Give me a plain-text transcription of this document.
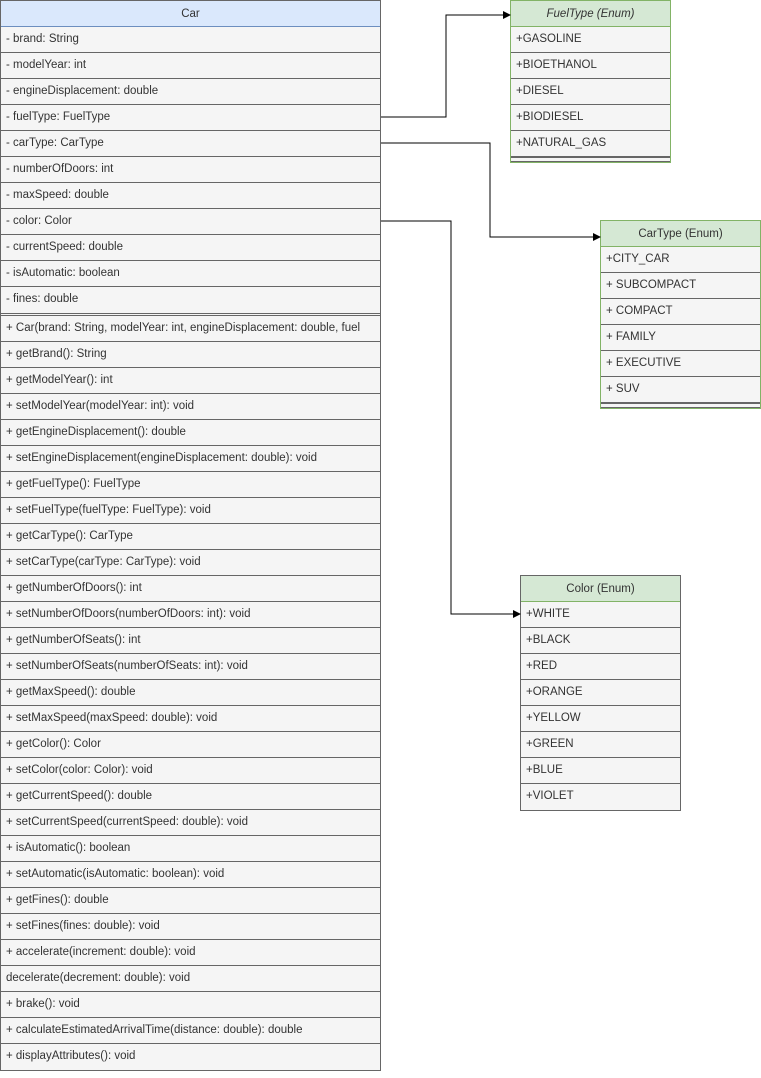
Car
- brand: String
- modelYear: int
- engineDisplacement: double
- fuelType: FuelType
- carType: CarType
- numberOfDoors: int
- maxSpeed: double
- color: Color
- currentSpeed: double
- isAutomatic: boolean
- fines: double
+ Car(brand: String, modelYear: int, engineDisplacement: double, fuel
+ getBrand(): String
+ getModelYear(): int
+ setModelYear(modelYear: int): void
+ getEngineDisplacement(): double
+ setEngineDisplacement(engineDisplacement: double): void
+ getFuelType(): FuelType
+ setFuelType(fuelType: FuelType): void
+ getCarType(): CarType
+ setCarType(carType: CarType): void
+ getNumberOfDoors(): int
+ setNumberOfDoors(numberOfDoors: int): void
+ getNumberOfSeats(): int
+ setNumberOfSeats(numberOfSeats: int): void
+ getMaxSpeed(): double
+ setMaxSpeed(maxSpeed: double): void
+ getColor(): Color
+ setColor(color: Color): void
+ getCurrentSpeed(): double
+ setCurrentSpeed(currentSpeed: double): void
+ isAutomatic(): boolean
+ setAutomatic(isAutomatic: boolean): void
+ getFines(): double
+ setFines(fines: double): void
+ accelerate(increment: double): void
decelerate(decrement: double): void
+ brake(): void
+ calculateEstimatedArrivalTime(distance: double): double
+ displayAttributes(): void
FuelType (Enum)
+GASOLINE
+BIOETHANOL
+DIESEL
+BIODIESEL
+NATURAL_GAS
CarType (Enum)
+CITY_CAR
+ SUBCOMPACT
+ COMPACT
+ FAMILY
+ EXECUTIVE
+ SUV
Color (Enum)
+WHITE
+BLACK
+RED
+ORANGE
+YELLOW
+GREEN
+BLUE
+VIOLET
